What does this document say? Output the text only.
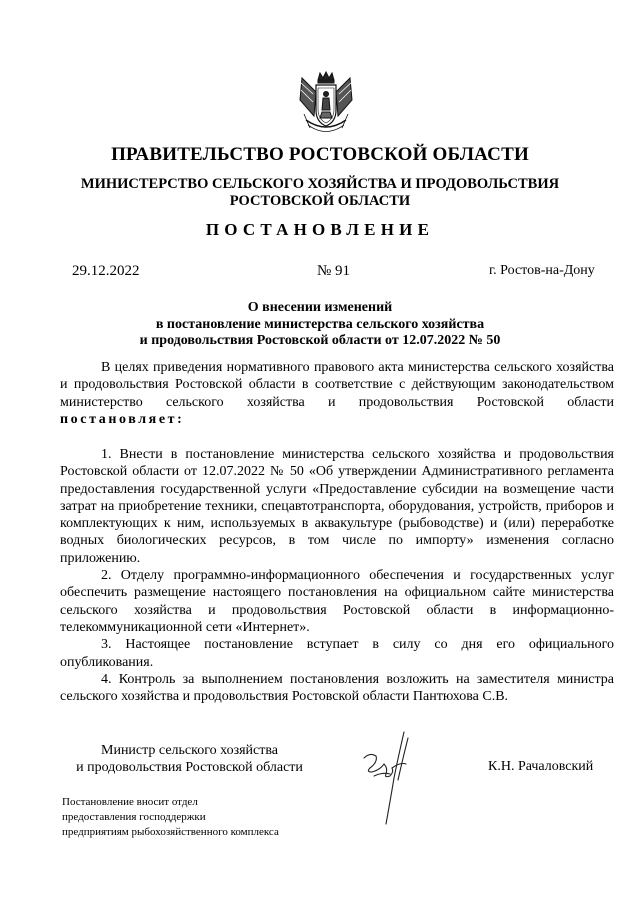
ПРАВИТЕЛЬСТВО РОСТОВСКОЙ ОБЛАСТИ
МИНИСТЕРСТВО СЕЛЬСКОГО ХОЗЯЙСТВА И ПРОДОВОЛЬСТВИЯ
РОСТОВСКОЙ ОБЛАСТИ
ПОСТАНОВЛЕНИЕ
29.12.2022	№ 91	г. Ростов-на-Дону
О внесении изменений
в постановление министерства сельского хозяйства
и продовольствия Ростовской области от 12.07.2022 № 50

В целях приведения нормативного правового акта министерства сельского хозяйства и продовольствия Ростовской области в соответствие с действующим законодательством министерство сельского хозяйства и продовольствия Ростовской области постановляет:

1. Внести в постановление министерства сельского хозяйства и продовольствия Ростовской области от 12.07.2022 № 50 «Об утверждении Административного регламента предоставления государственной услуги «Предоставление субсидии на возмещение части затрат на приобретение техники, спецавтотранспорта, оборудования, устройств, приборов и комплектующих к ним, используемых в аквакультуре (рыбоводстве) и (или) переработке водных биологических ресурсов, в том числе по импорту» изменения согласно приложению.

2. Отделу программно-информационного обеспечения и государственных услуг обеспечить размещение настоящего постановления на официальном сайте министерства сельского хозяйства и продовольствия Ростовской области в информационно-телекоммуникационной сети «Интернет».

3. Настоящее постановление вступает в силу со дня его официального опубликования.

4. Контроль за выполнением постановления возложить на заместителя министра сельского хозяйства и продовольствия Ростовской области Пантюхова С.В.

Министр сельского хозяйства
и продовольствия Ростовской области	К.Н. Рачаловский
Постановление вносит отдел
предоставления господдержки
предприятиям рыбохозяйственного комплекса
